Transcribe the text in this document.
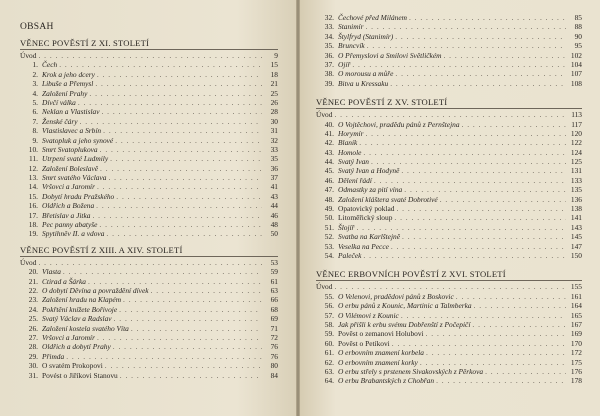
OBSAH
VĚNEC POVĚSTÍ Z XI. STOLETÍ
Úvod . . .	9
1. Čech . . .	15
2. Krok a jeho dcery . . .	18
3. Libuše a Přemysl . . .	21
4. Založení Prahy . . .	25
5. Dívčí válka . . .	26
6. Neklan a Vlastislav . . .	28
7. Ženské čáry . . .	30
8. Vlastislavec a Srbín . . .	31
9. Svatopluk a jeho synové . . .	32
10. Smrt Svatoplukova . . .	33
11. Utrpení svaté Ludmily . . .	35
12. Založení Boleslavě . . .	36
13. Smrt svatého Václava . . .	37
14. Vršovci a Jaromír . . .	41
15. Dobytí hradu Pražského . . .	43
16. Oldřich a Božena . . .	44
17. Břetislav a Jitka . . .	46
18. Pec panny abatyše . . .	48
19. Spytihněv II. a vdova . . .	50
VĚNEC POVĚSTÍ Z XIII. A XIV. STOLETÍ
Úvod . . .	53
20. Vlasta . . .	59
21. Ctirad a Šárka . . .	61
22. O dobytí Děvína a povraždění dívek . . .	63
23. Založení hradu na Klapém . . .	66
24. Pokřtění knížete Bořivoje . . .	68
25. Svatý Václav a Radslav . . .	69
26. Založení kostela svatého Víta . . .	71
27. Vršovci a Jaromír . . .	72
28. Oldřich a dobytí Prahy . . .	76
29. Přimda . . .	76
30. O svatém Prokopovi . . .	80
31. Povést o Jiříkovi Stanovu . . .	84
32. Čechové před Milánem . . .	85
33. Stanimír . . .	88
34. Štylfryd (Stanimír) . . .	90
35. Bruncvík . . .	95
36. O Přemyslovi a Smilovi Světličkém . . .	102
37. Ojíř . . .	104
38. O morousu a můře . . .	107
39. Bitva u Kressaku . . .	108
VĚNEC POVĚSTÍ Z XV. STOLETÍ
Úvod . . .	113
40. O Vojtěchovi, pradědu pánů z Pernštejna . . .	117
41. Horymír . . .	120
42. Blaník . . .	122
43. Homole . . .	124
44. Svatý Ivan . . .	125
45. Svatý Ivan a Hodyně . . .	131
46. Dělení řádí . . .	133
47. Odmastky za pití vína . . .	135
48. Založení kláštera svaté Dobrotivé . . .	136
49. Opatovický poklad . . .	138
50. Litoměřický sloup . . .	141
51. Šlojíř . . .	143
52. Svatba na Karlštejně . . .	145
53. Veselka na Pecce . . .	147
54. Paleček . . .	150
VĚNEC ERBOVNÍCH POVĚSTÍ Z XVI. STOLETÍ
Úvod . . .	155
55. O Velenovi, pradědovi pánů z Boskovic . . .	161
56. O erbu pánů z Kounic, Martinic a Talmberka . . .	164
57. O Vilémovi z Kounic . . .	165
58. Jak přišli k erbu svému Dobřenští z Počepičí . . .	167
59. Pověst o zemanovi Holubovi . . .	169
60. Pověst o Petíkovi . . .	170
61. O erbovním znamení korbela . . .	172
62. O erbovním znamení korky . . .	175
63. O erbu střely s prstenem Sivakovských z Pěrkova . . .	176
64. O erbu Brabantských z Chobřan . . .	178
